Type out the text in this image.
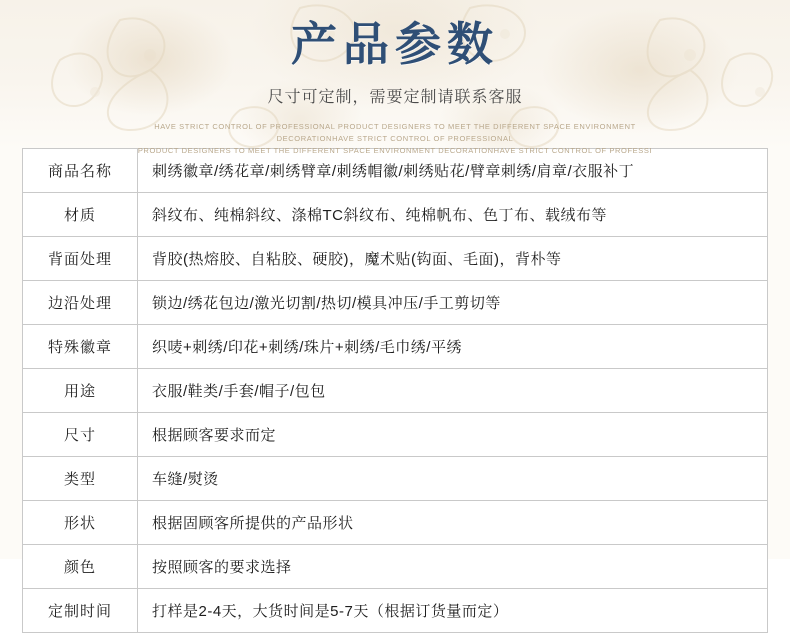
产品参数
尺寸可定制，需要定制请联系客服
HAVE STRICT CONTROL OF PROFESSIONAL PRODUCT DESIGNERS TO MEET THE DIFFERENT SPACE ENVIRONMENT DECORATIONHAVE STRICT CONTROL OF PROFESSIONAL
PRODUCT DESIGNERS TO MEET THE DIFFERENT SPACE ENVIRONMENT DECORATIONHAVE STRICT CONTROL OF PROFESSI
商品名称	刺绣徽章/绣花章/刺绣臂章/刺绣帽徽/刺绣贴花/臂章刺绣/肩章/衣服补丁
材质	斜纹布、纯棉斜纹、涤棉TC斜纹布、纯棉帆布、色丁布、载绒布等
背面处理	背胶(热熔胶、自粘胶、硬胶)，魔术贴(钩面、毛面)，背朴等
边沿处理	锁边/绣花包边/激光切割/热切/模具冲压/手工剪切等
特殊徽章	织唛+刺绣/印花+刺绣/珠片+刺绣/毛巾绣/平绣
用途	衣服/鞋类/手套/帽子/包包
尺寸	根据顾客要求而定
类型	车缝/熨烫
形状	根据固顾客所提供的产品形状
颜色	按照顾客的要求选择
定制时间	打样是2-4天，大货时间是5-7天（根据订货量而定）
